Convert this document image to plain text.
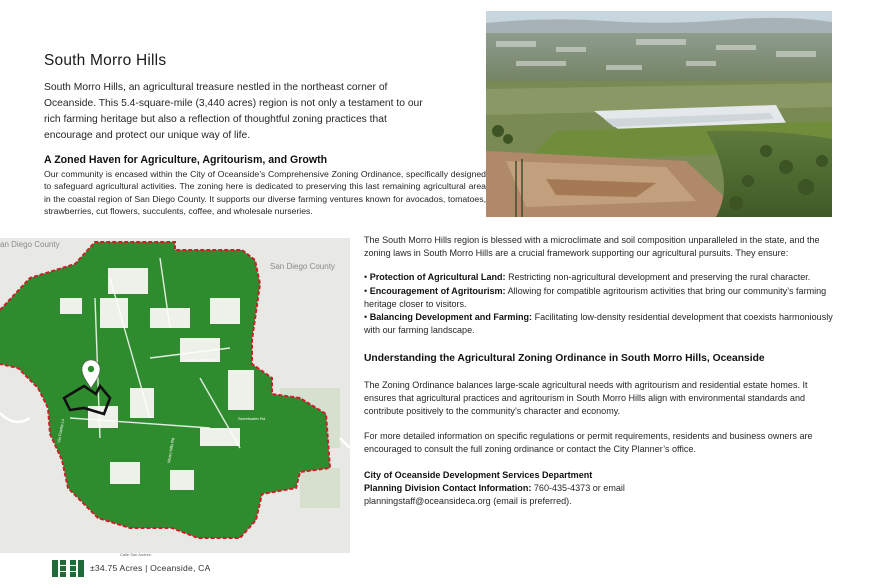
South Morro Hills
South Morro Hills, an agricultural treasure nestled in the northeast corner of Oceanside. This 5.4-square-mile (3,440 acres) region is not only a testament to our rich farming heritage but also a reflection of thoughtful zoning practices that encourage and protect our unique way of life.
A Zoned Haven for Agriculture, Agritourism, and Growth
Our community is encased within the City of Oceanside’s Comprehensive Zoning Ordinance, specifically designed to safeguard agricultural activities. The zoning here is dedicated to preserving this last remaining agricultural area in the coastal region of San Diego County. It supports our diverse farming ventures known for avocados, tomatoes, strawberries, cut flowers, succulents, coffee, and wholesale nurseries.
an Diego County
San Diego County
Sleeping Indian Rd
Via Puerta Ln
Morro Hills Rd
Sweetwater Rd
Calle San Andres

The South Morro Hills region is blessed with a microclimate and soil composition unparalleled in the state, and the zoning laws in South Morro Hills are a crucial framework supporting our agricultural pursuits. They ensure:

• Protection of Agricultural Land: Restricting non-agricultural development and preserving the rural character.

• Encouragement of Agritourism: Allowing for compatible agritourism activities that bring our community’s farming heritage closer to visitors.

• Balancing Development and Farming: Facilitating low-density residential development that coexists harmoniously with our farming landscape.

Understanding the Agricultural Zoning Ordinance in South Morro Hills, Oceanside

The Zoning Ordinance balances large-scale agricultural needs with agritourism and residential estate homes. It ensures that agricultural practices and agritourism in South Morro Hills align with environmental standards and contribute positively to the community’s character and economy.

For more detailed information on specific regulations or permit requirements, residents and business owners are encouraged to consult the full zoning ordinance or contact the City Planner’s office.

City of Oceanside Development Services Department
Planning Division Contact Information: 760-435-4373 or email
planningstaff@oceansideca.org (email is preferred).
±34.75 Acres | Oceanside, CA
